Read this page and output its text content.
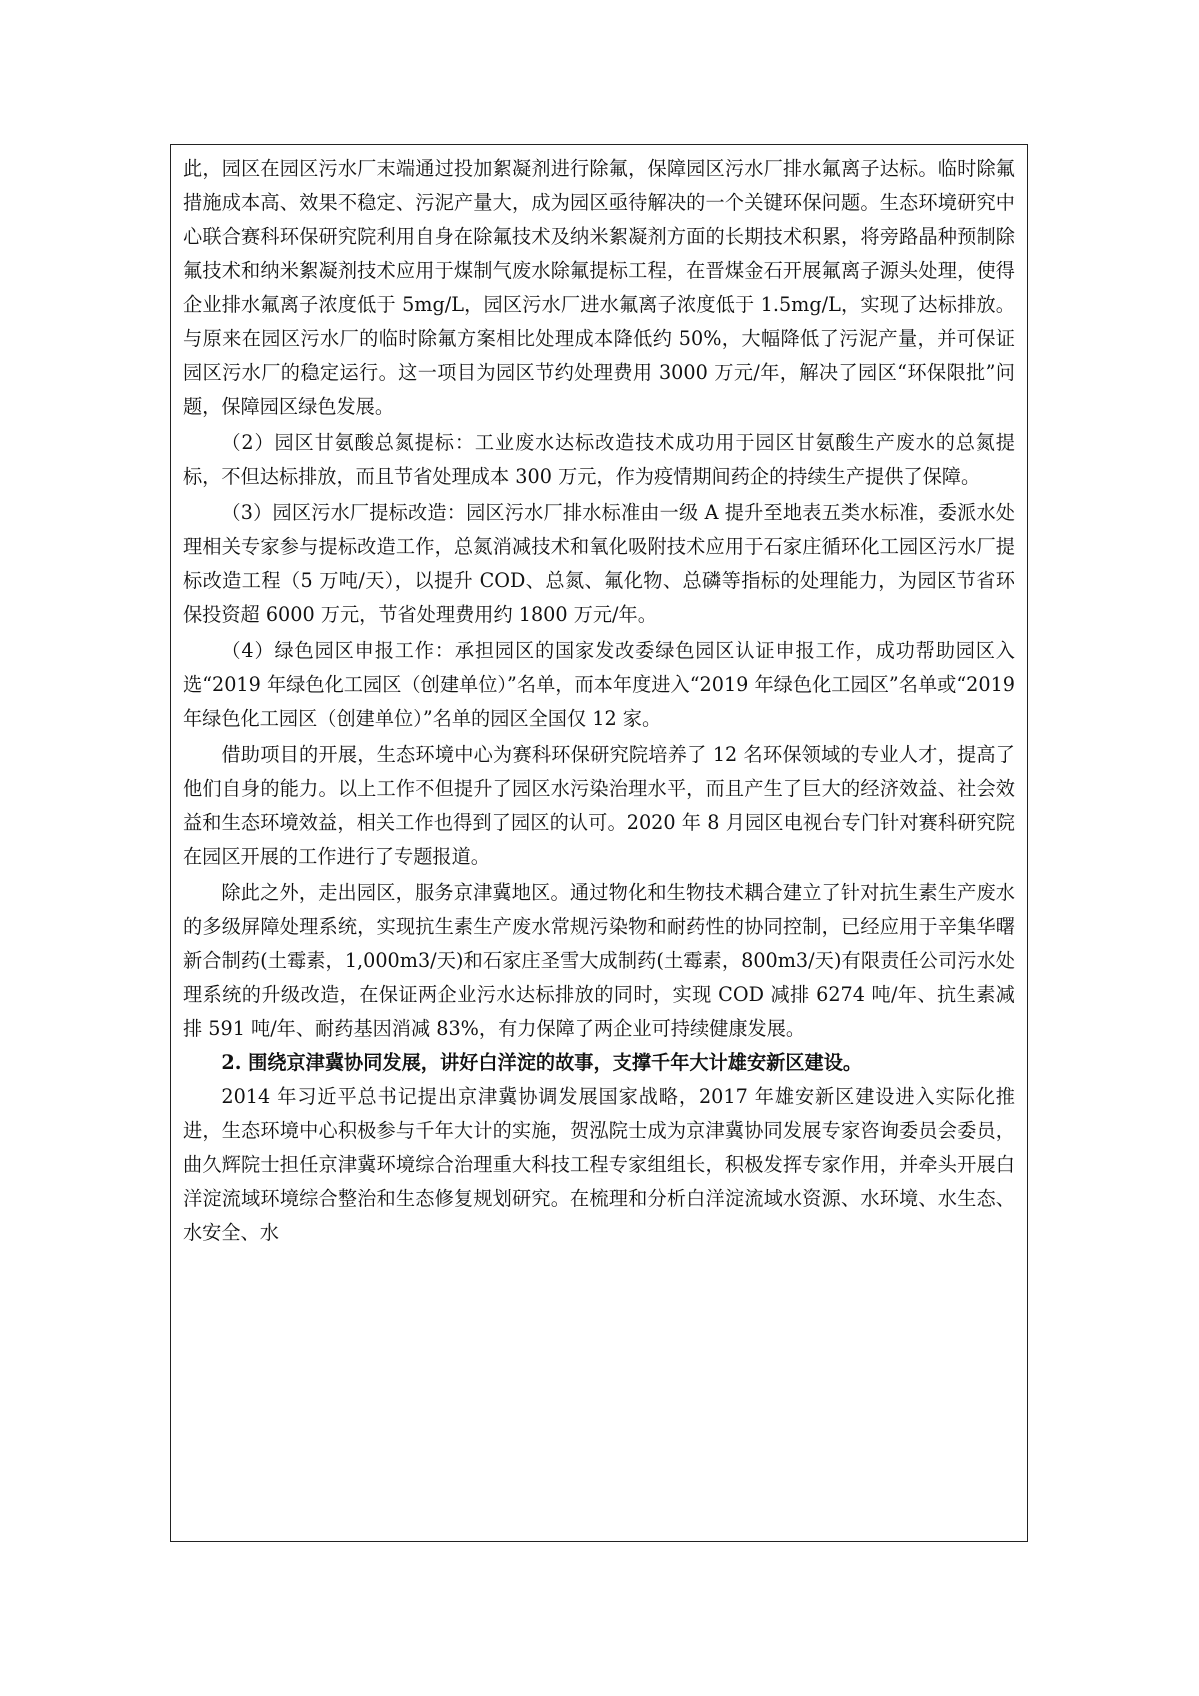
此，园区在园区污水厂末端通过投加絮凝剂进行除氟，保障园区污水厂排水氟离子达标。临时除氟措施成本高、效果不稳定、污泥产量大，成为园区亟待解决的一个关键环保问题。生态环境研究中心联合赛科环保研究院利用自身在除氟技术及纳米絮凝剂方面的长期技术积累，将旁路晶种预制除氟技术和纳米絮凝剂技术应用于煤制气废水除氟提标工程，在晋煤金石开展氟离子源头处理，使得企业排水氟离子浓度低于 5mg/L，园区污水厂进水氟离子浓度低于 1.5mg/L，实现了达标排放。与原来在园区污水厂的临时除氟方案相比处理成本降低约 50%，大幅降低了污泥产量，并可保证园区污水厂的稳定运行。这一项目为园区节约处理费用 3000 万元/年，解决了园区“环保限批”问题，保障园区绿色发展。

（2）园区甘氨酸总氮提标：工业废水达标改造技术成功用于园区甘氨酸生产废水的总氮提标，不但达标排放，而且节省处理成本 300 万元，作为疫情期间药企的持续生产提供了保障。

（3）园区污水厂提标改造：园区污水厂排水标准由一级 A 提升至地表五类水标准，委派水处理相关专家参与提标改造工作，总氮消减技术和氧化吸附技术应用于石家庄循环化工园区污水厂提标改造工程（5 万吨/天），以提升 COD、总氮、氟化物、总磷等指标的处理能力，为园区节省环保投资超 6000 万元，节省处理费用约 1800 万元/年。

（4）绿色园区申报工作：承担园区的国家发改委绿色园区认证申报工作，成功帮助园区入选“2019 年绿色化工园区（创建单位）”名单，而本年度进入“2019 年绿色化工园区”名单或“2019 年绿色化工园区（创建单位）”名单的园区全国仅 12 家。

借助项目的开展，生态环境中心为赛科环保研究院培养了 12 名环保领域的专业人才，提高了他们自身的能力。以上工作不但提升了园区水污染治理水平，而且产生了巨大的经济效益、社会效益和生态环境效益，相关工作也得到了园区的认可。2020 年 8 月园区电视台专门针对赛科研究院在园区开展的工作进行了专题报道。

除此之外，走出园区，服务京津冀地区。通过物化和生物技术耦合建立了针对抗生素生产废水的多级屏障处理系统，实现抗生素生产废水常规污染物和耐药性的协同控制，已经应用于辛集华曙新合制药(土霉素，1,000m3/天)和石家庄圣雪大成制药(土霉素，800m3/天)有限责任公司污水处理系统的升级改造，在保证两企业污水达标排放的同时，实现 COD 减排 6274 吨/年、抗生素减排 591 吨/年、耐药基因消减 83%，有力保障了两企业可持续健康发展。

2. 围绕京津冀协同发展，讲好白洋淀的故事，支撑千年大计雄安新区建设。

2014 年习近平总书记提出京津冀协调发展国家战略，2017 年雄安新区建设进入实际化推进，生态环境中心积极参与千年大计的实施，贺泓院士成为京津冀协同发展专家咨询委员会委员，曲久辉院士担任京津冀环境综合治理重大科技工程专家组组长，积极发挥专家作用，并牵头开展白洋淀流域环境综合整治和生态修复规划研究。在梳理和分析白洋淀流域水资源、水环境、水生态、水安全、水
